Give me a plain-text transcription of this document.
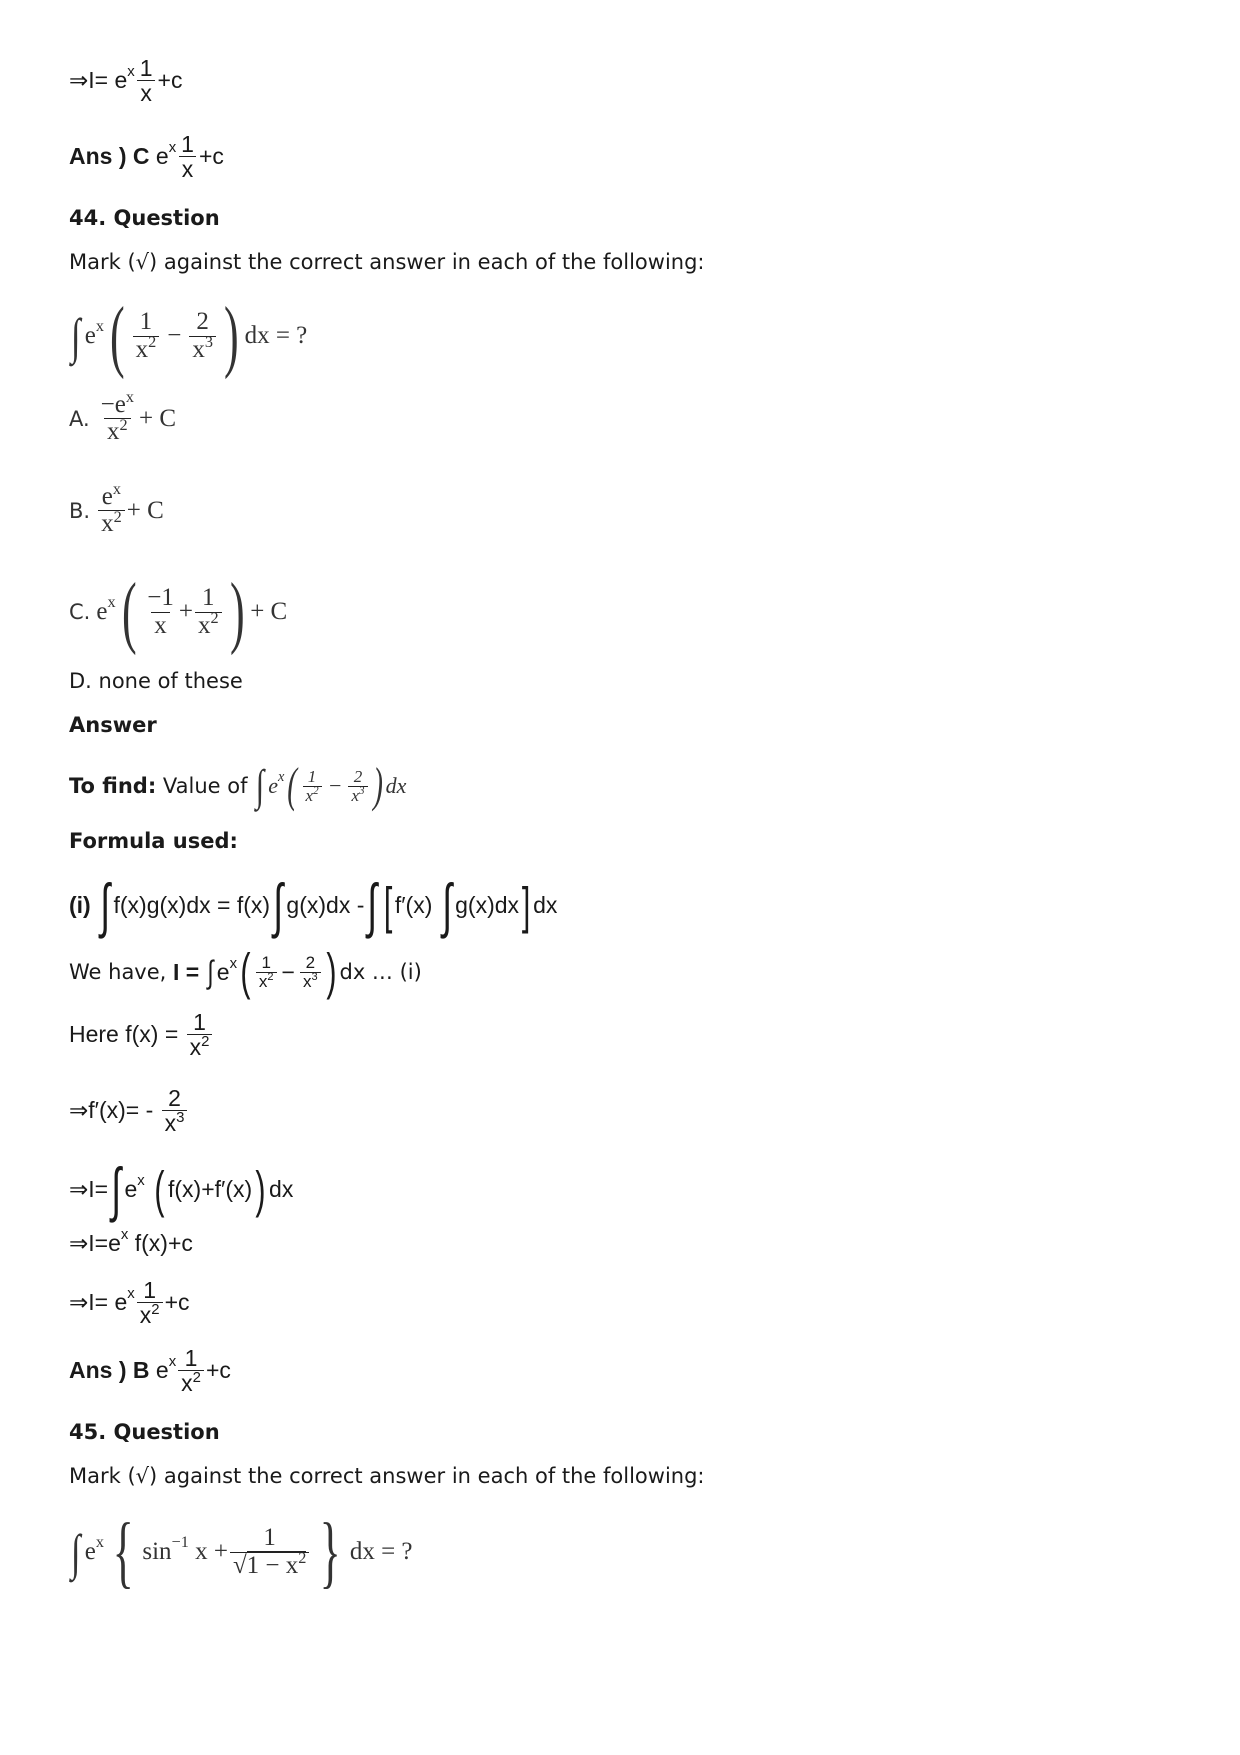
⇒I= e x $\frac{1}{x} +c$
Ans ) C
e x $\frac{1}{x} +c$
44. Question
Mark (√) against the correct answer in each of the following:
∫ e x ( $\frac{1}{x^2} - \frac{2}{x^3}$ ) dx = ?
A. $\frac{-e^x}{x^2} + C$
B. $\frac{e^x}{x^2} + C$
C. e x ( $\frac{-1}{x} + \frac{1}{x^2}$ ) + C
D. none of these
Answer
To find:
Value of
∫ e x ( $\frac{1}{x^2} - \frac{2}{x^3}$ ) dx
Formula used:
(i)
∫ f(x)g(x)dx = f(x) ∫ g(x)dx - ∫ [ f′(x)
∫ g(x)dx ] dx
We have,
I =
∫ e x ( $\frac{1}{x^2} - \frac{2}{x^3}$ ) dx … (i)
Here f(x) =
$\frac{1}{x^2}$
⇒f′(x)= -
$\frac{2}{x^3}$
⇒I= ∫ e x
( f(x)+f′(x) ) dx
⇒I=e x
f(x)+c
⇒I= e x $\frac{1}{x^2} +c$
Ans ) B
e x $\frac{1}{x^2} +c$
45. Question
Mark (√) against the correct answer in each of the following:
∫ e x { sin −1
$x + \frac{1}{√1 - x^2}$ } dx = ?
